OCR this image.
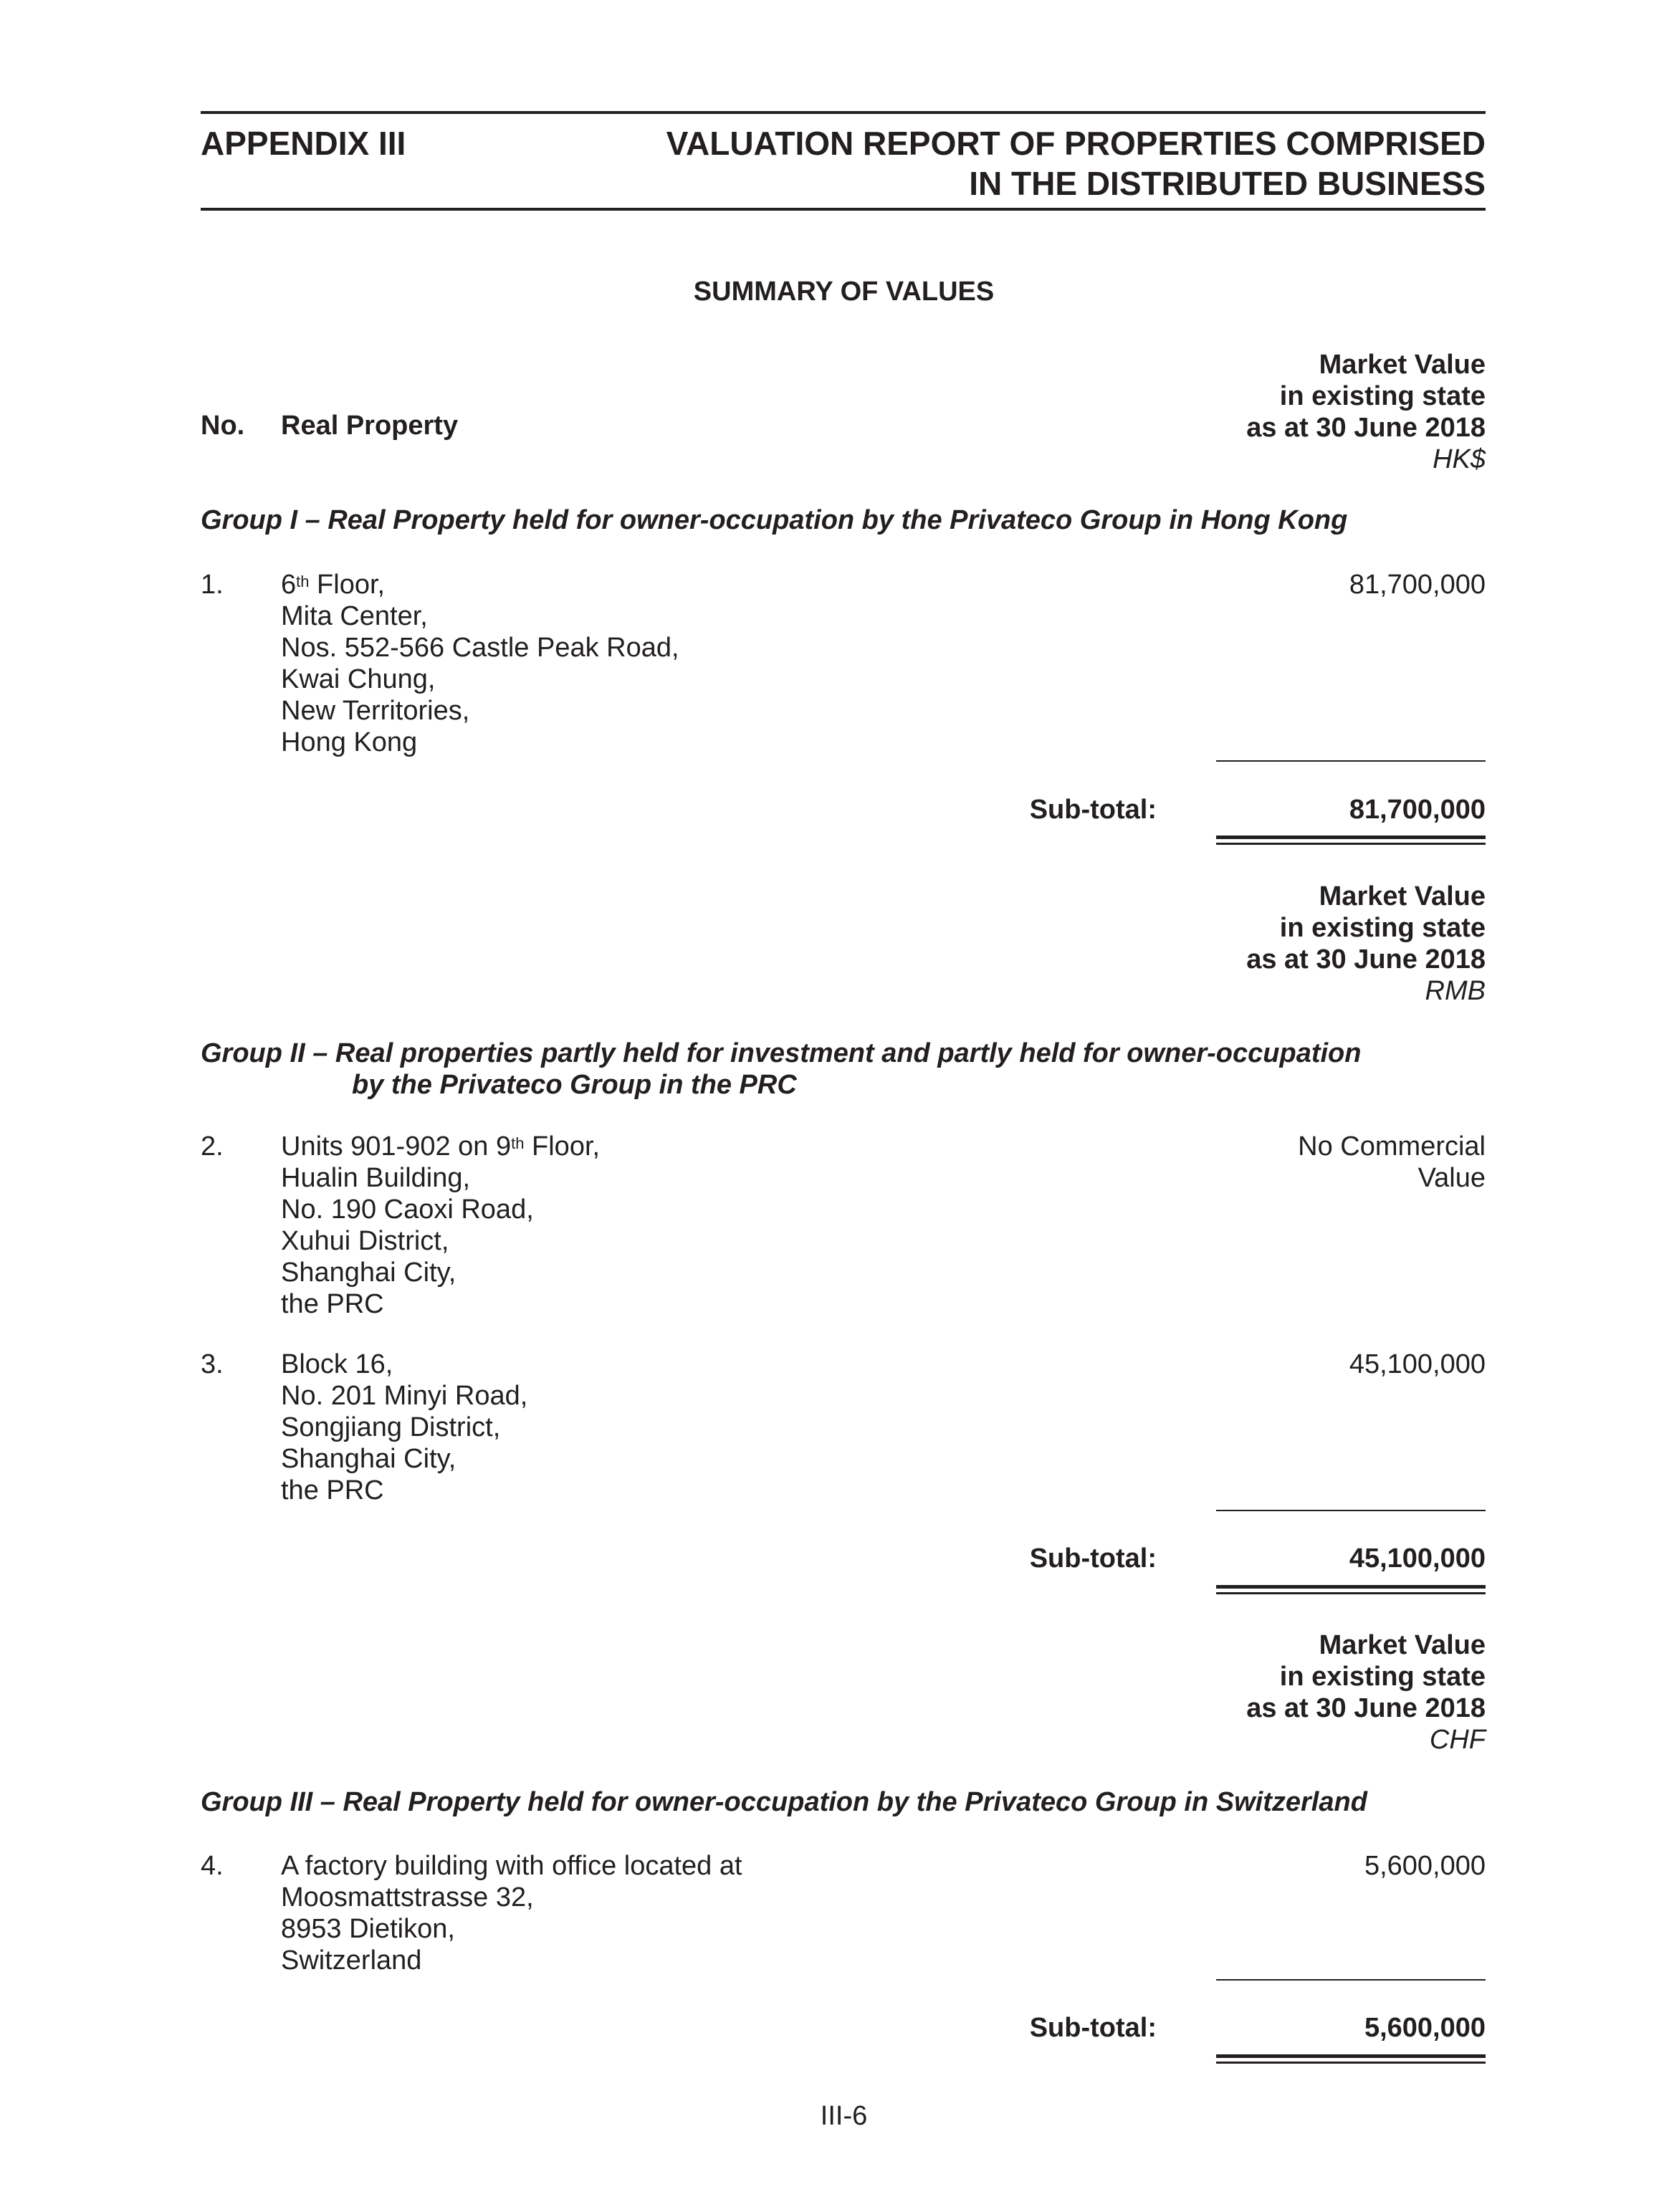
APPENDIX III	VALUATION REPORT OF PROPERTIES COMPRISED
IN THE DISTRIBUTED BUSINESS
SUMMARY OF VALUES
Market Value
in existing state
as at 30 June 2018
HK$
No. Real Property
Group I – Real Property held for owner-occupation by the Privateco Group in Hong Kong
1. 6th Floor,
Mita Center,
Nos. 552-566 Castle Peak Road,
Kwai Chung,
New Territories,
Hong Kong
81,700,000
Sub-total:	81,700,000
Market Value
in existing state
as at 30 June 2018
RMB
Group II – Real properties partly held for investment and partly held for owner-occupation
by the Privateco Group in the PRC
2. Units 901-902 on 9th Floor,
Hualin Building,
No. 190 Caoxi Road,
Xuhui District,
Shanghai City,
the PRC
No Commercial
Value
3. Block 16,
No. 201 Minyi Road,
Songjiang District,
Shanghai City,
the PRC
45,100,000
Sub-total:	45,100,000
Market Value
in existing state
as at 30 June 2018
CHF
Group III – Real Property held for owner-occupation by the Privateco Group in Switzerland
4. A factory building with office located at
Moosmattstrasse 32,
8953 Dietikon,
Switzerland
5,600,000
Sub-total:	5,600,000
III-6
